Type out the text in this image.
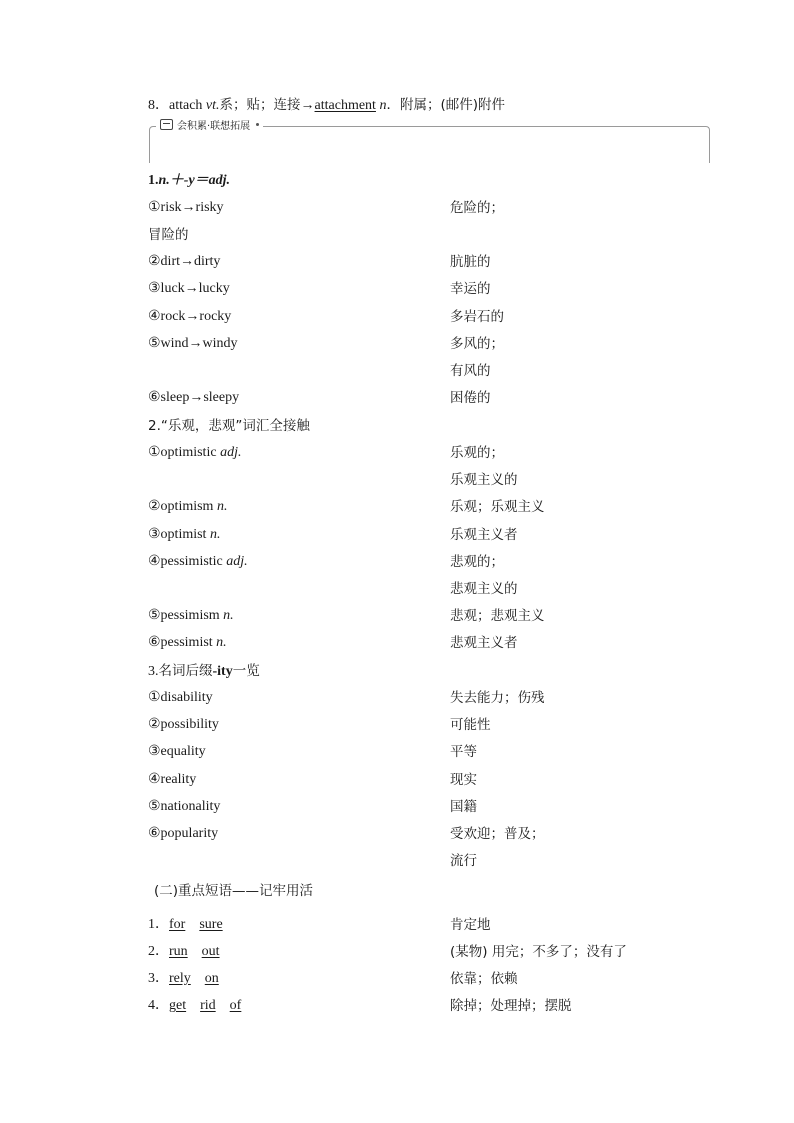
8．attach vt.系；贴；连接→attachment n．附属；(邮件)附件
会积累·联想拓展
1.n.＋-y＝adj.
①risk→risky	危险的；
冒险的
②dirt→dirty	肮脏的
③luck→lucky	幸运的
④rock→rocky	多岩石的
⑤wind→windy	多风的；
有风的
⑥sleep→sleepy	困倦的
2.“乐观，悲观”词汇全接触
①optimistic adj.	乐观的；
乐观主义的
②optimism n.	乐观；乐观主义
③optimist n.	乐观主义者
④pessimistic adj.	悲观的；
悲观主义的
⑤pessimism n.	悲观；悲观主义
⑥pessimist n.	悲观主义者
3.名词后缀-ity一览
①disability	失去能力；伤残
②possibility	可能性
③equality	平等
④reality	现实
⑤nationality	国籍
⑥popularity	受欢迎；普及；
流行
(二)重点短语——记牢用活
1．for sure	肯定地
2．run out	(某物) 用完；不多了；没有了
3．rely on	依靠；依赖
4．get rid of	除掉；处理掉；摆脱
